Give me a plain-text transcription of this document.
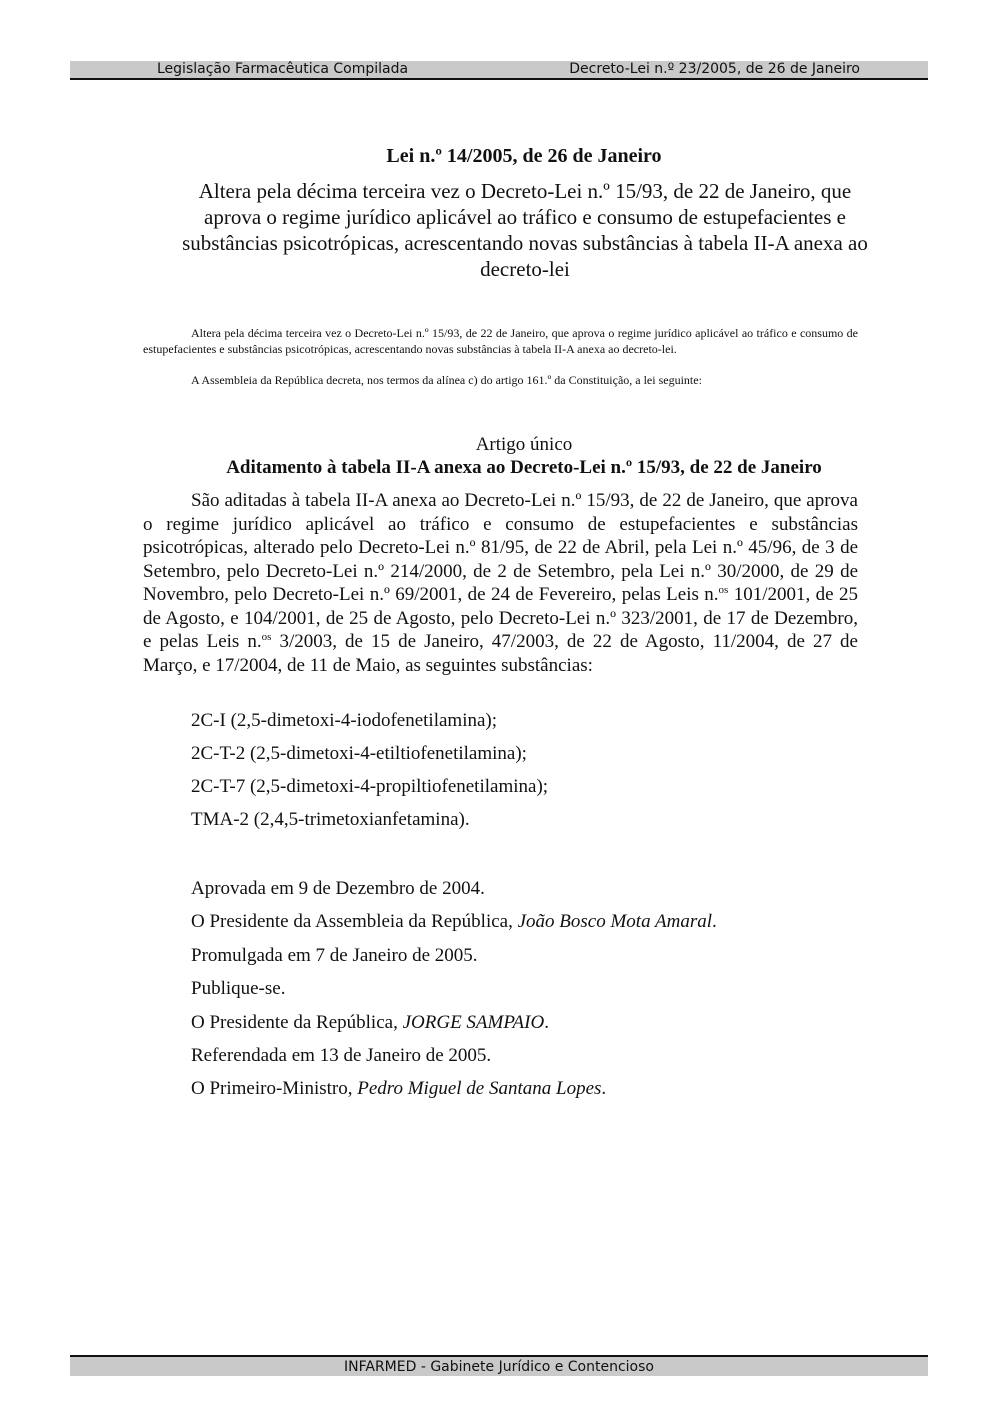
Legislação Farmacêutica Compilada	Decreto-Lei n.º 23/2005, de 26 de Janeiro
Lei n.º 14/2005, de 26 de Janeiro
Altera pela décima terceira vez o Decreto-Lei n.º 15/93, de 22 de Janeiro, que aprova o regime jurídico aplicável ao tráfico e consumo de estupefacientes e substâncias psicotrópicas, acrescentando novas substâncias à tabela II-A anexa ao decreto-lei

Altera pela décima terceira vez o Decreto-Lei n.º 15/93, de 22 de Janeiro, que aprova o regime jurídico aplicável ao tráfico e consumo de estupefacientes e substâncias psicotrópicas, acrescentando novas substâncias à tabela II-A anexa ao decreto-lei.

A Assembleia da República decreta, nos termos da alínea c) do artigo 161.º da Constituição, a lei seguinte:

Artigo único
Aditamento à tabela II-A anexa ao Decreto-Lei n.º 15/93, de 22 de Janeiro

São aditadas à tabela II-A anexa ao Decreto-Lei n.º 15/93, de 22 de Janeiro, que aprova o regime jurídico aplicável ao tráfico e consumo de estupefacientes e substâncias psicotrópicas, alterado pelo Decreto-Lei n.º 81/95, de 22 de Abril, pela Lei n.º 45/96, de 3 de Setembro, pelo Decreto-Lei n.º 214/2000, de 2 de Setembro, pela Lei n.º 30/2000, de 29 de Novembro, pelo Decreto-Lei n.º 69/2001, de 24 de Fevereiro, pelas Leis n.$^{os}$ 101/2001, de 25 de Agosto, e 104/2001, de 25 de Agosto, pelo Decreto-Lei n.º 323/2001, de 17 de Dezembro, e pelas Leis n.$^{os}$ 3/2003, de 15 de Janeiro, 47/2003, de 22 de Agosto, 11/2004, de 27 de Março, e 17/2004, de 11 de Maio, as seguintes substâncias:

2C-I (2,5-dimetoxi-4-iodofenetilamina);

2C-T-2 (2,5-dimetoxi-4-etiltiofenetilamina);

2C-T-7 (2,5-dimetoxi-4-propiltiofenetilamina);

TMA-2 (2,4,5-trimetoxianfetamina).

Aprovada em 9 de Dezembro de 2004.

O Presidente da Assembleia da República, João Bosco Mota Amaral.

Promulgada em 7 de Janeiro de 2005.

Publique-se.

O Presidente da República, JORGE SAMPAIO.

Referendada em 13 de Janeiro de 2005.

O Primeiro-Ministro, Pedro Miguel de Santana Lopes.

INFARMED - Gabinete Jurídico e Contencioso
